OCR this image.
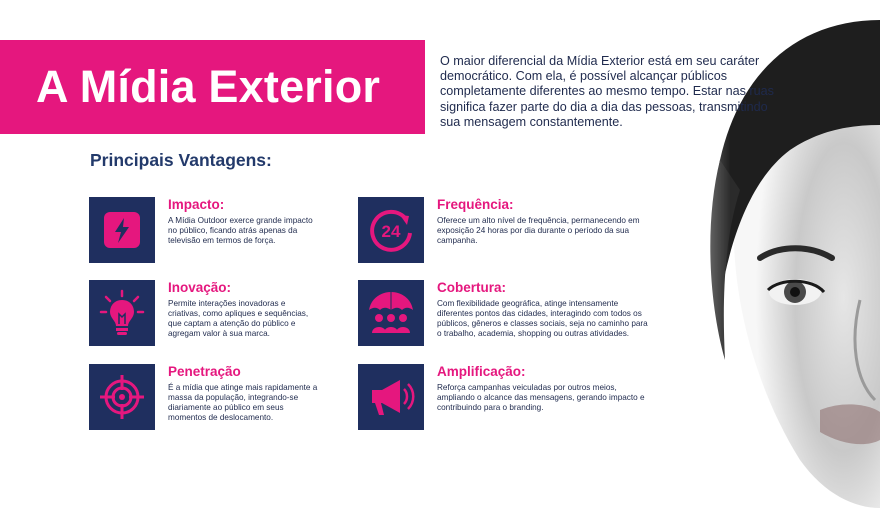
A Mídia Exterior	O maior diferencial da Mídia Exterior está em seu caráter democrático. Com ela, é possível alcançar públicos completamente diferentes ao mesmo tempo. Estar nas ruas significa fazer parte do dia a dia das pessoas, transmitindo sua mensagem constantemente.

Principais Vantagens:
Impacto:
A Mídia Outdoor exerce grande impacto no público, ficando atrás apenas da televisão em termos de força.	24
Frequência:
Oferece um alto nível de frequência, permanecendo em exposição 24 horas por dia durante o período da sua campanha.
Inovação:
Permite interações inovadoras e criativas, como apliques e sequências, que captam a atenção do público e agregam valor à sua marca.
Cobertura:
Com flexibilidade geográfica, atinge intensamente diferentes pontos das cidades, interagindo com todos os públicos, gêneros e classes sociais, seja no caminho para o trabalho, academia, shopping ou outras atividades.
Penetração
É a mídia que atinge mais rapidamente a massa da população, integrando-se diariamente ao público em seus momentos de deslocamento.
Amplificação:
Reforça campanhas veiculadas por outros meios, ampliando o alcance das mensagens, gerando impacto e contribuindo para o branding.
